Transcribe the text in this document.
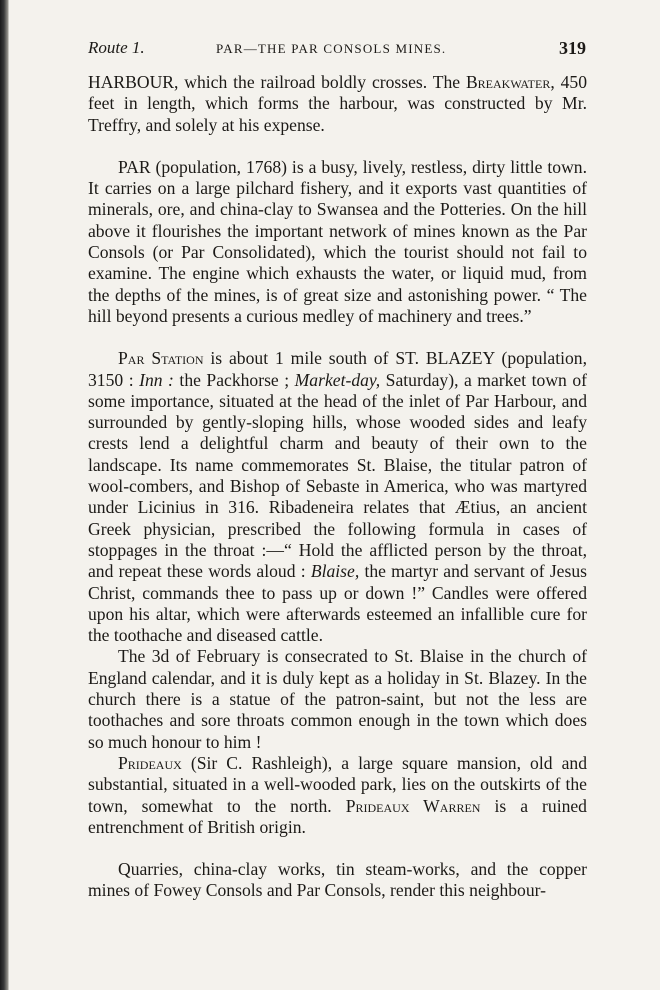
Route 1.	PAR—THE PAR CONSOLS MINES.	319

HARBOUR, which the railroad boldly crosses. The Breakwater, 450 feet in length, which forms the harbour, was constructed by Mr. Treffry, and solely at his expense.

PAR (population, 1768) is a busy, lively, restless, dirty little town. It carries on a large pilchard fishery, and it exports vast quantities of minerals, ore, and china-clay to Swansea and the Potteries. On the hill above it flourishes the important network of mines known as the Par Consols (or Par Consolidated), which the tourist should not fail to examine. The engine which exhausts the water, or liquid mud, from the depths of the mines, is of great size and astonishing power. “ The hill beyond presents a curious medley of machinery and trees.”

Par Station is about 1 mile south of ST. BLAZEY (population, 3150 : Inn : the Packhorse ; Market-day, Saturday), a market town of some importance, situated at the head of the inlet of Par Harbour, and surrounded by gently-sloping hills, whose wooded sides and leafy crests lend a delightful charm and beauty of their own to the landscape. Its name commemorates St. Blaise, the titular patron of wool-combers, and Bishop of Sebaste in America, who was martyred under Licinius in 316. Ribadeneira relates that Ætius, an ancient Greek physician, prescribed the following formula in cases of stoppages in the throat :—“ Hold the afflicted person by the throat, and repeat these words aloud : Blaise, the martyr and servant of Jesus Christ, commands thee to pass up or down !” Candles were offered upon his altar, which were afterwards esteemed an infallible cure for the toothache and diseased cattle.

The 3d of February is consecrated to St. Blaise in the church of England calendar, and it is duly kept as a holiday in St. Blazey. In the church there is a statue of the patron-saint, but not the less are toothaches and sore throats common enough in the town which does so much honour to him !

Prideaux (Sir C. Rashleigh), a large square mansion, old and substantial, situated in a well-wooded park, lies on the outskirts of the town, somewhat to the north. Prideaux Warren is a ruined entrenchment of British origin.

Quarries, china-clay works, tin steam-works, and the copper mines of Fowey Consols and Par Consols, render this neighbour-
